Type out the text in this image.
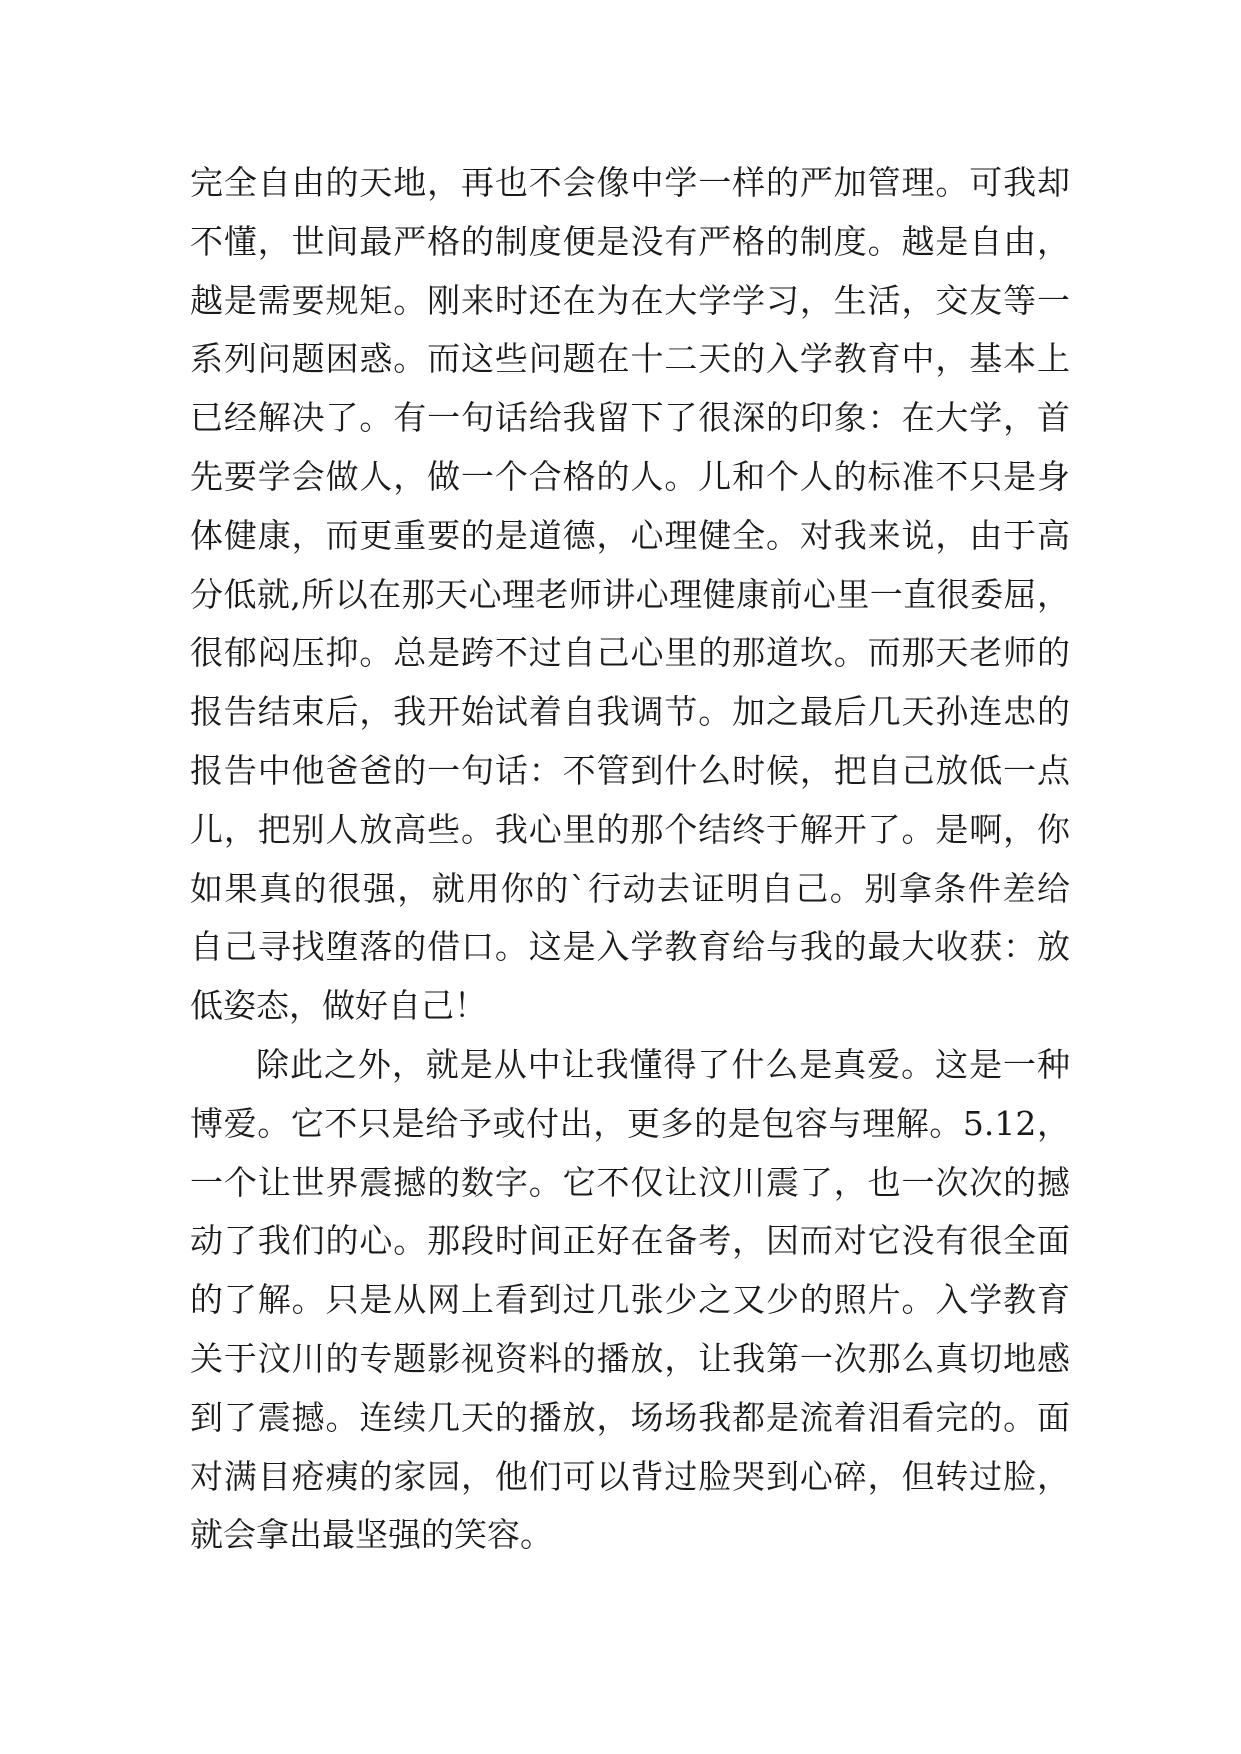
完全自由的天地，再也不会像中学一样的严加管理。可我却
不懂，世间最严格的制度便是没有严格的制度。越是自由，
越是需要规矩。刚来时还在为在大学学习，生活，交友等一
系列问题困惑。而这些问题在十二天的入学教育中，基本上
已经解决了。有一句话给我留下了很深的印象：在大学，首
先要学会做人，做一个合格的人。儿和个人的标准不只是身
体健康，而更重要的是道德，心理健全。对我来说，由于高
分低就,所以在那天心理老师讲心理健康前心里一直很委屈，
很郁闷压抑。总是跨不过自己心里的那道坎。而那天老师的
报告结束后，我开始试着自我调节。加之最后几天孙连忠的
报告中他爸爸的一句话：不管到什么时候，把自己放低一点
儿，把别人放高些。我心里的那个结终于解开了。是啊，你
如果真的很强，就用你的`行动去证明自己。别拿条件差给
自己寻找堕落的借口。这是入学教育给与我的最大收获：放
低姿态，做好自己！
除此之外，就是从中让我懂得了什么是真爱。这是一种
博爱。它不只是给予或付出，更多的是包容与理解。5.12，
一个让世界震撼的数字。它不仅让汶川震了，也一次次的撼
动了我们的心。那段时间正好在备考，因而对它没有很全面
的了解。只是从网上看到过几张少之又少的照片。入学教育
关于汶川的专题影视资料的播放，让我第一次那么真切地感
到了震撼。连续几天的播放，场场我都是流着泪看完的。面
对满目疮痍的家园，他们可以背过脸哭到心碎，但转过脸，
就会拿出最坚强的笑容。
